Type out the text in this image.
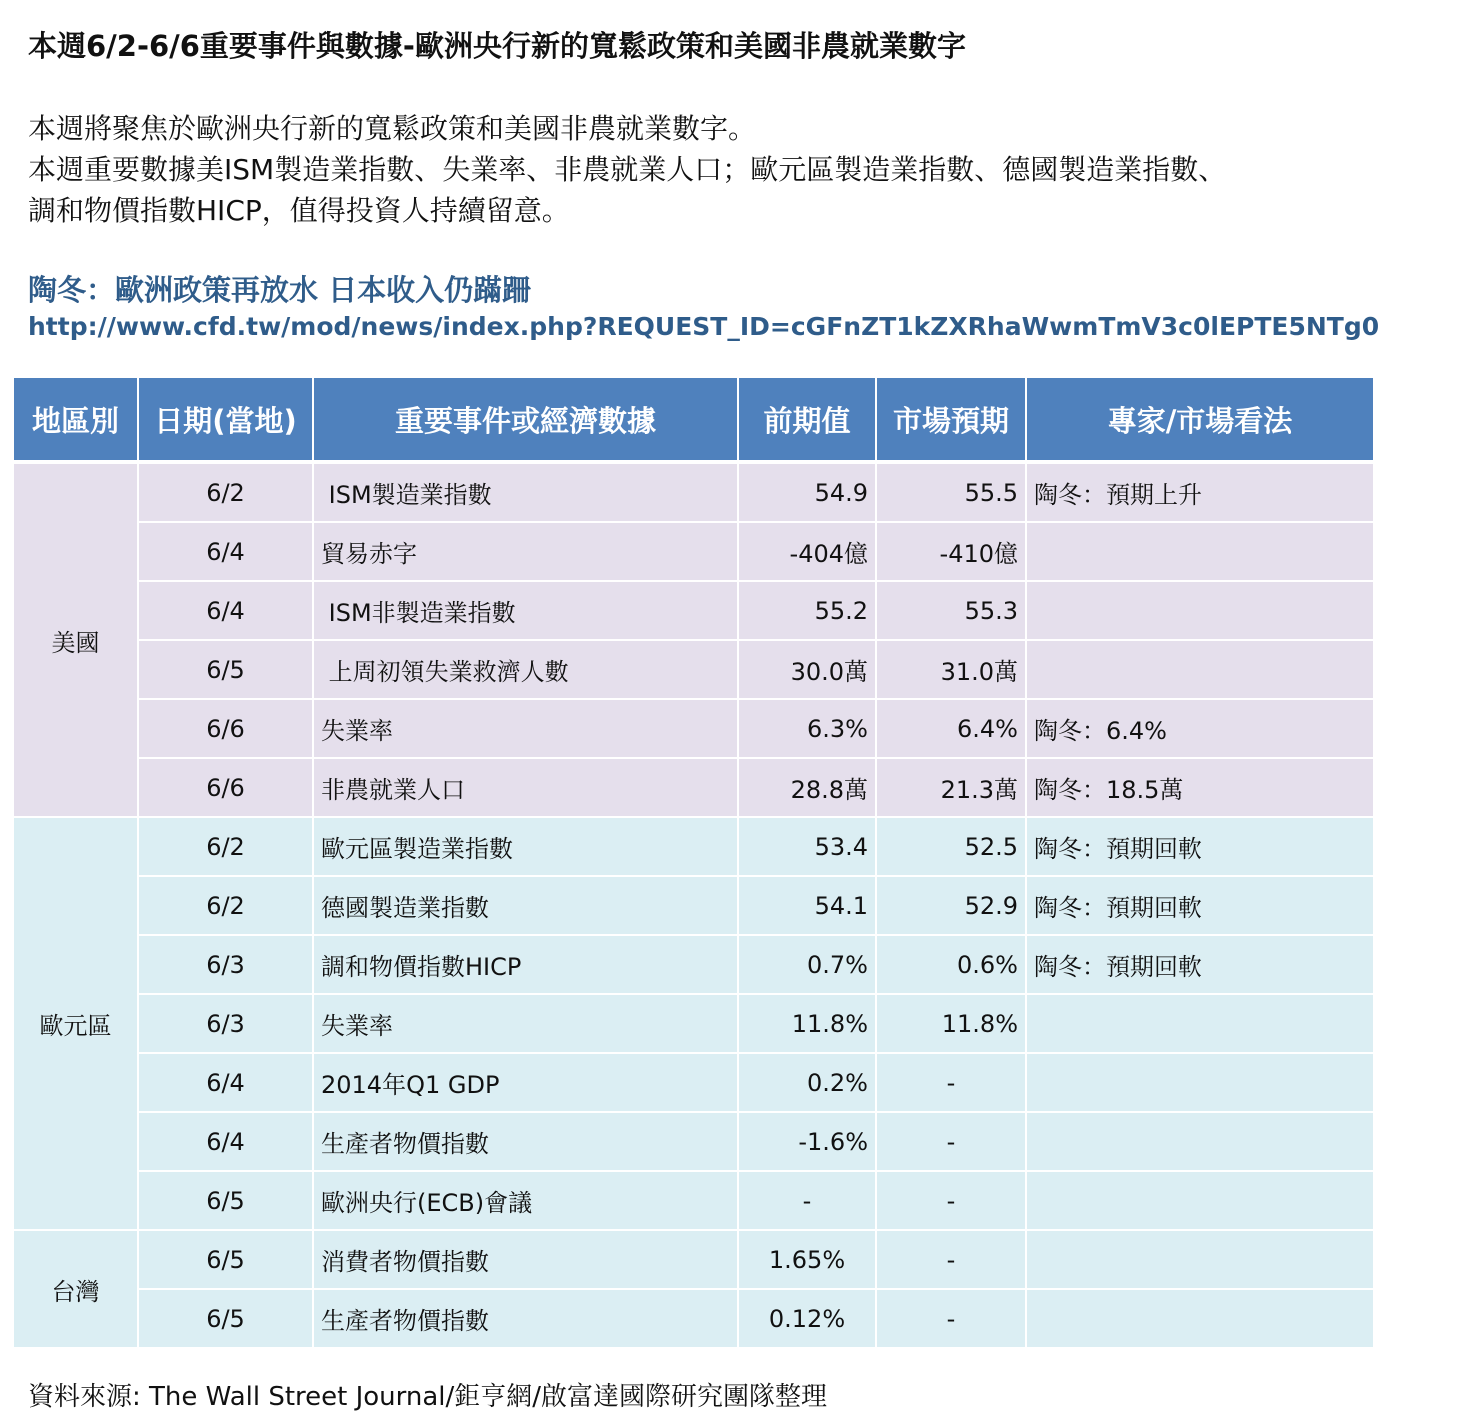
本週6/2-6/6重要事件與數據-歐洲央行新的寬鬆政策和美國非農就業數字
本週將聚焦於歐洲央行新的寬鬆政策和美國非農就業數字。
本週重要數據美ISM製造業指數、失業率、非農就業人口；歐元區製造業指數、德國製造業指數、
調和物價指數HICP，值得投資人持續留意。
陶冬：歐洲政策再放水 日本收入仍蹣跚
http://www.cfd.tw/mod/news/index.php?REQUEST_ID=cGFnZT1kZXRhaWwmTmV3c0lEPTE5NTg0
地區別	日期(當地)	重要事件或經濟數據	前期值	市場預期	專家/市場看法
美國	6/2	ISM製造業指數	54.9	55.5	陶冬：預期上升
	6/4	貿易赤字	-404億	-410億	
	6/4	ISM非製造業指數	55.2	55.3	
	6/5	上周初領失業救濟人數	30.0萬	31.0萬	
	6/6	失業率	6.3%	6.4%	陶冬：6.4%
	6/6	非農就業人口	28.8萬	21.3萬	陶冬：18.5萬
歐元區	6/2	歐元區製造業指數	53.4	52.5	陶冬：預期回軟
	6/2	德國製造業指數	54.1	52.9	陶冬：預期回軟
	6/3	調和物價指數HICP	0.7%	0.6%	陶冬：預期回軟
	6/3	失業率	11.8%	11.8%	
	6/4	2014年Q1 GDP	0.2%	-	
	6/4	生產者物價指數	-1.6%	-	
	6/5	歐洲央行(ECB)會議	-	-	
台灣	6/5	消費者物價指數	1.65%	-	
	6/5	生產者物價指數	0.12%	-	
資料來源: The Wall Street Journal/鉅亨網/啟富達國際研究團隊整理
